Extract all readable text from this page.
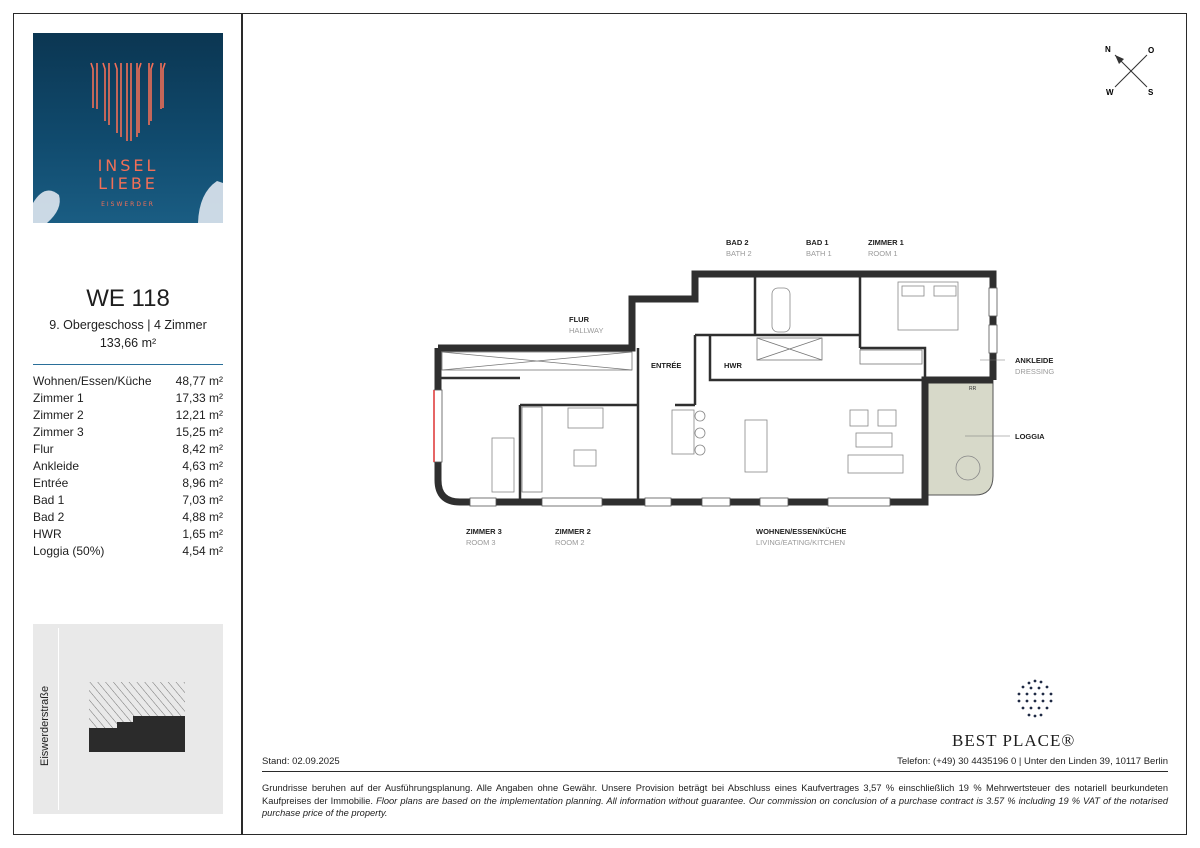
INSEL
LIEBE
EISWERDER
WE 118
9. Obergeschoss | 4 Zimmer
133,66 m²
Wohnen/Essen/Küche 48,77 m²
Zimmer 1	17,33 m²
Zimmer 2	12,21 m²
Zimmer 3	15,25 m²
Flur	8,42 m²
Ankleide	4,63 m²
Entrée	8,96 m²
Bad 1	7,03 m²
Bad 2	4,88 m²
HWR	1,65 m²
Loggia (50%)	4,54 m²
Eiswerderstraße
N	O
W	S
BAD 2	BAD 1	ZIMMER 1
FLUR
ENTRÉE	HWR
ANKLEIDE
LOGGIA
ZIMMER 3	ZIMMER 2	WOHNEN/ESSEN/KÜCHE
BATH 2	BATH 1	ROOM 1
HALLWAY
DRESSING
ROOM 3	ROOM 2	LIVING/EATING/KITCHEN
RR
BEST PLACE®
Stand: 02.09.2025	Telefon: (+49) 30 4435196 0 | Unter den Linden 39, 10117 Berlin
Grundrisse beruhen auf der Ausführungsplanung. Alle Angaben ohne Gewähr. Unsere Provision beträgt bei Abschluss eines Kaufvertrages 3,57 % einschließlich 19 % Mehrwertsteuer des notariell beurkundeten Kaufpreises der Immobilie. Floor plans are based on the implementation planning. All information without guarantee. Our commission on conclusion of a purchase contract is 3.57 % including 19 % VAT of the notarised purchase price of the property.
